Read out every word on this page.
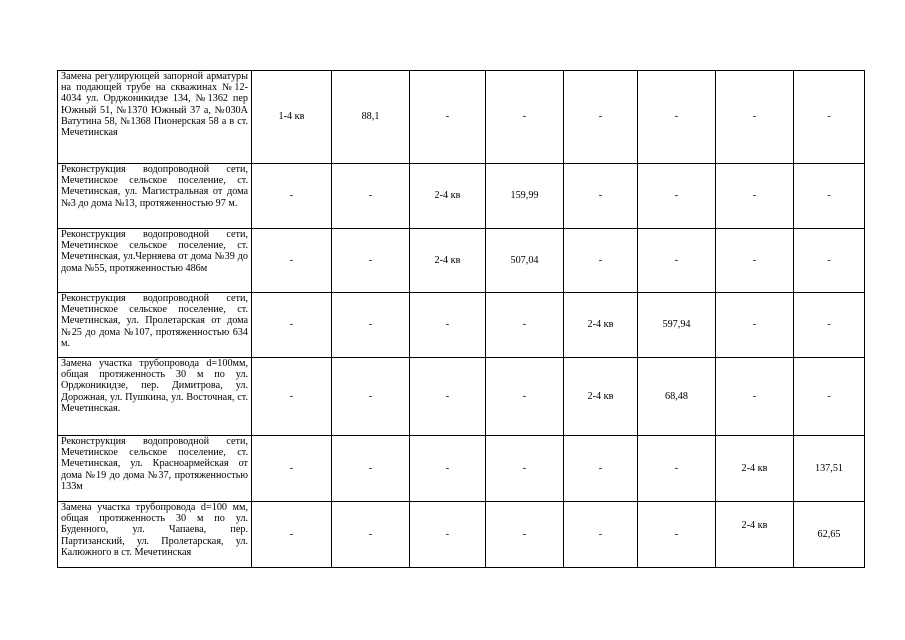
Замена регулирующей запорной арматуры на подающей трубе на скважинах №12-4034 ул. Орджоникидзе 134, №1362 пер Южный 51, №1370 Южный 37 а, №030А Ватутина 58, №1368 Пионерская 58 а в ст. Мечетинская	1-4 кв	88,1	-	-	-	-	-	-
Реконструкция водопроводной сети, Мечетинское сельское поселение, ст. Мечетинская, ул. Магистральная от дома №3 до дома №13, протяженностью 97 м.	-	-	2-4 кв	159,99	-	-	-	-
Реконструкция водопроводной сети, Мечетинское сельское поселение, ст. Мечетинская, ул.Черняева от дома №39 до дома №55, протяженностью 486м	-	-	2-4 кв	507,04	-	-	-	-
Реконструкция водопроводной сети, Мечетинское сельское поселение, ст. Мечетинская, ул. Пролетарская от дома №25 до дома №107, протяженностью 634 м.	-	-	-	-	2-4 кв	597,94	-	-
Замена участка трубопровода d=100мм, общая протяженность 30 м по ул. Орджоникидзе, пер. Димитрова, ул. Дорожная, ул. Пушкина, ул. Восточная, ст. Мечетинская.	-	-	-	-	2-4 кв	68,48	-	-
Реконструкция водопроводной сети, Мечетинское сельское поселение, ст. Мечетинская, ул. Красноармейская от дома №19 до дома №37, протяженностью 133м	-	-	-	-	-	-	2-4 кв	137,51
Замена участка трубопровода d=100 мм, общая протяженность 30 м по ул. Буденного, ул. Чапаева, пер. Партизанский, ул. Пролетарская, ул. Калюжного в ст. Мечетинская	-	-	-	-	-	-	2-4 кв	62,65
